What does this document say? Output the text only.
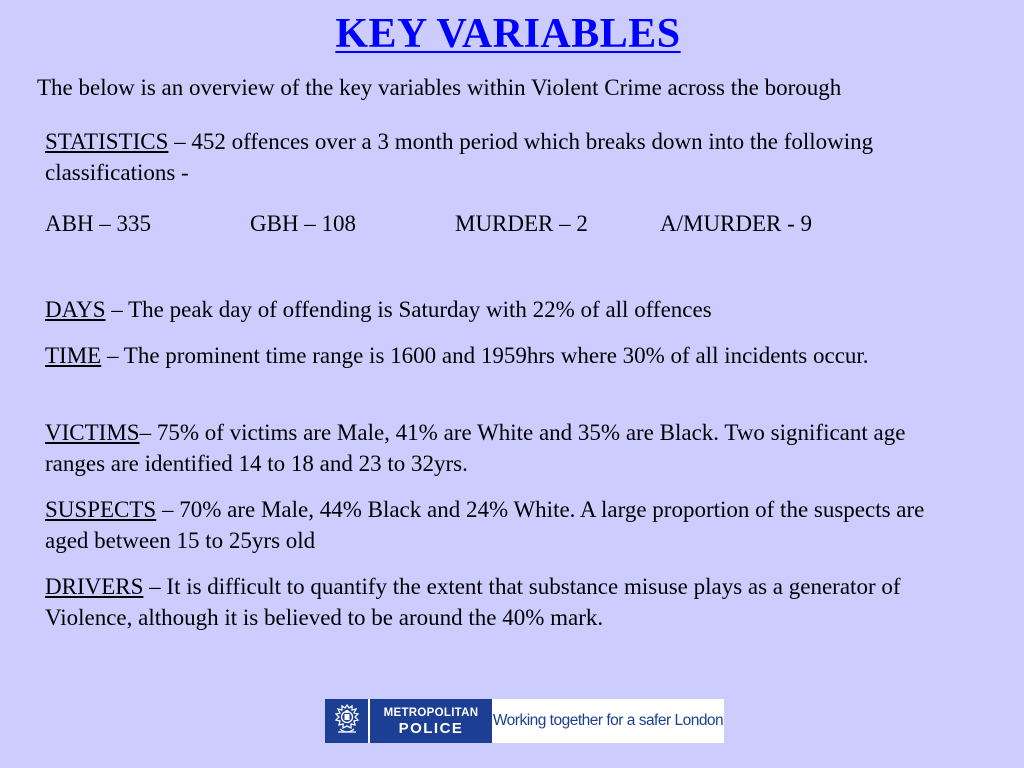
KEY VARIABLES
The below is an overview of the key variables within Violent Crime across the borough
STATISTICS – 452 offences over a 3 month period which breaks down into the following classifications -
ABH – 335	GBH – 108	MURDER – 2	A/MURDER - 9
DAYS – The peak day of offending is Saturday with 22% of all offences
TIME – The prominent time range is 1600 and 1959hrs where 30% of all incidents occur.
VICTIMS– 75% of victims are Male, 41% are White and 35% are Black. Two significant age ranges are identified 14 to 18 and 23 to 32yrs.
SUSPECTS – 70% are Male, 44% Black and 24% White. A large proportion of the suspects are aged between 15 to 25yrs old
DRIVERS – It is difficult to quantify the extent that substance misuse plays as a generator of Violence, although it is believed to be around the 40% mark.
METROPOLITAN
POLICE Working together for a safer London
